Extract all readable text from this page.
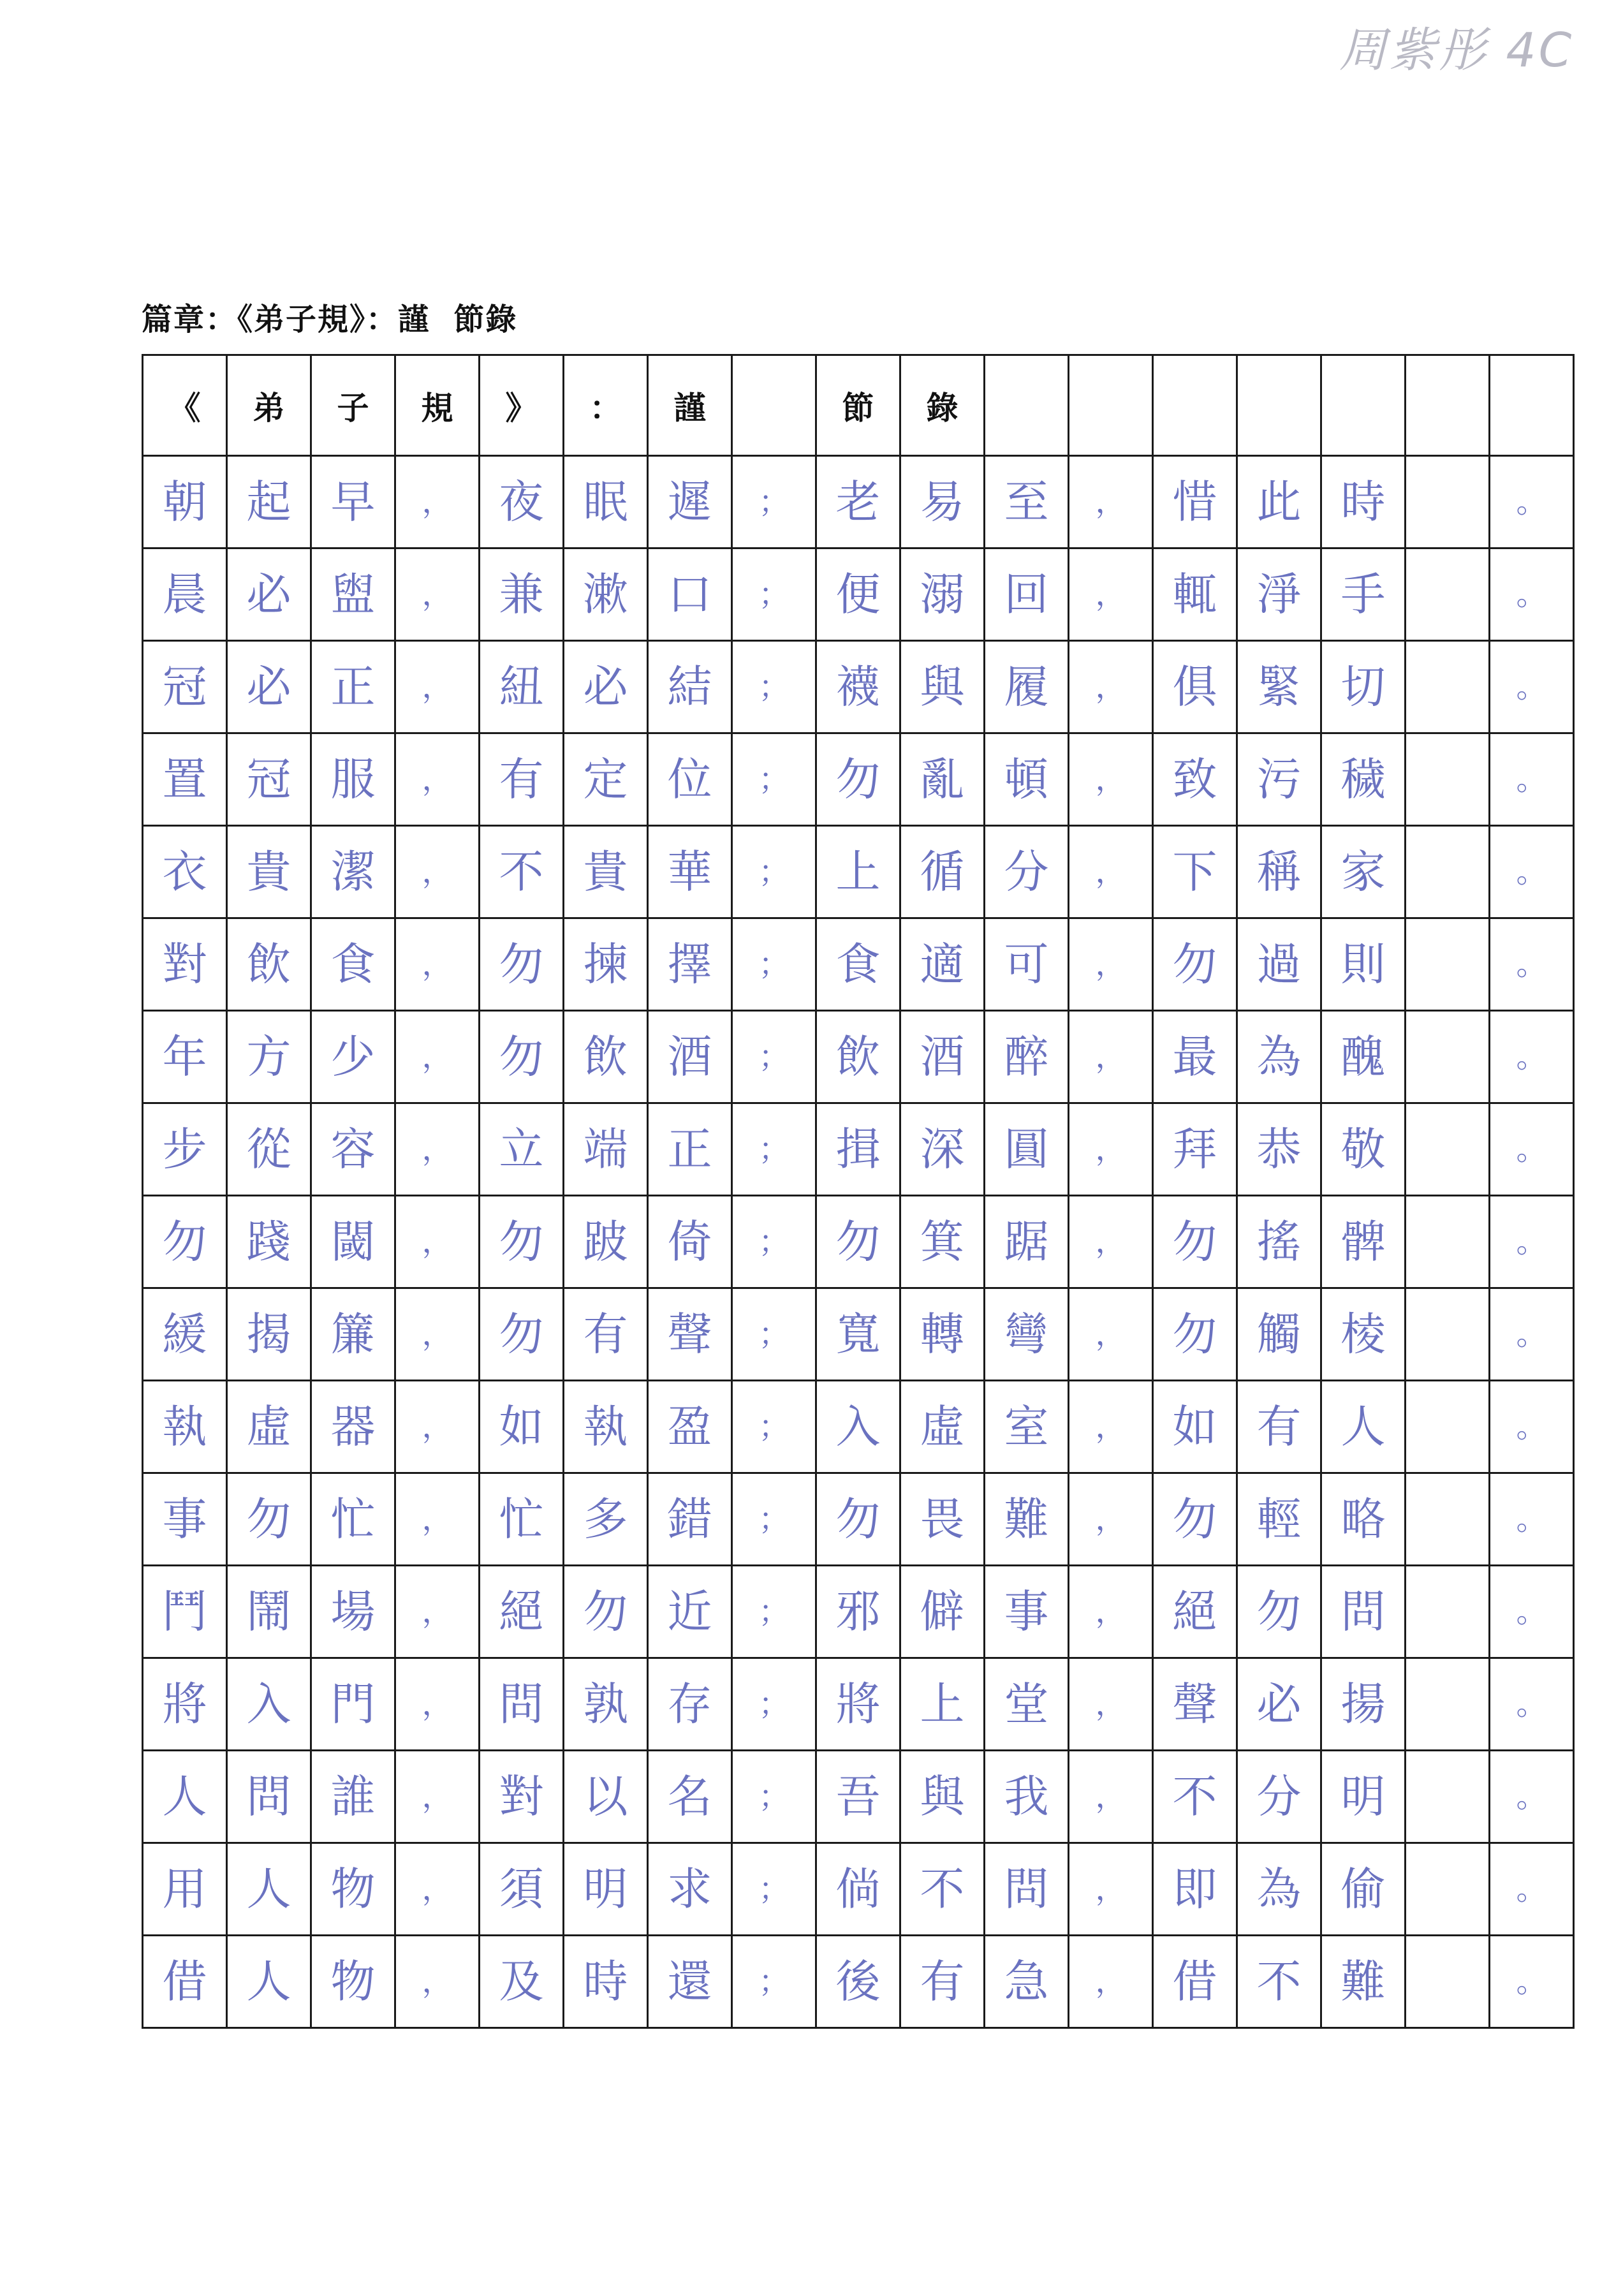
周紫彤 4C
篇章：《弟子規》：謹  節錄
《	弟	子	規	》	：	謹		節	錄							
朝	起	早	，	夜	眠	遲	；	老	易	至	，	惜	此	時		。
晨	必	盥	，	兼	漱	口	；	便	溺	回	，	輒	淨	手		。
冠	必	正	，	紐	必	結	；	襪	與	履	，	俱	緊	切		。
置	冠	服	，	有	定	位	；	勿	亂	頓	，	致	污	穢		。
衣	貴	潔	，	不	貴	華	；	上	循	分	，	下	稱	家		。
對	飲	食	，	勿	揀	擇	；	食	適	可	，	勿	過	則		。
年	方	少	，	勿	飲	酒	；	飲	酒	醉	，	最	為	醜		。
步	從	容	，	立	端	正	；	揖	深	圓	，	拜	恭	敬		。
勿	踐	閾	，	勿	跛	倚	；	勿	箕	踞	，	勿	搖	髀		。
緩	揭	簾	，	勿	有	聲	；	寬	轉	彎	，	勿	觸	棱		。
執	虛	器	，	如	執	盈	；	入	虛	室	，	如	有	人		。
事	勿	忙	，	忙	多	錯	；	勿	畏	難	，	勿	輕	略		。
鬥	鬧	場	，	絕	勿	近	；	邪	僻	事	，	絕	勿	問		。
將	入	門	，	問	孰	存	；	將	上	堂	，	聲	必	揚		。
人	問	誰	，	對	以	名	；	吾	與	我	，	不	分	明		。
用	人	物	，	須	明	求	；	倘	不	問	，	即	為	偷		。
借	人	物	，	及	時	還	；	後	有	急	，	借	不	難		。
